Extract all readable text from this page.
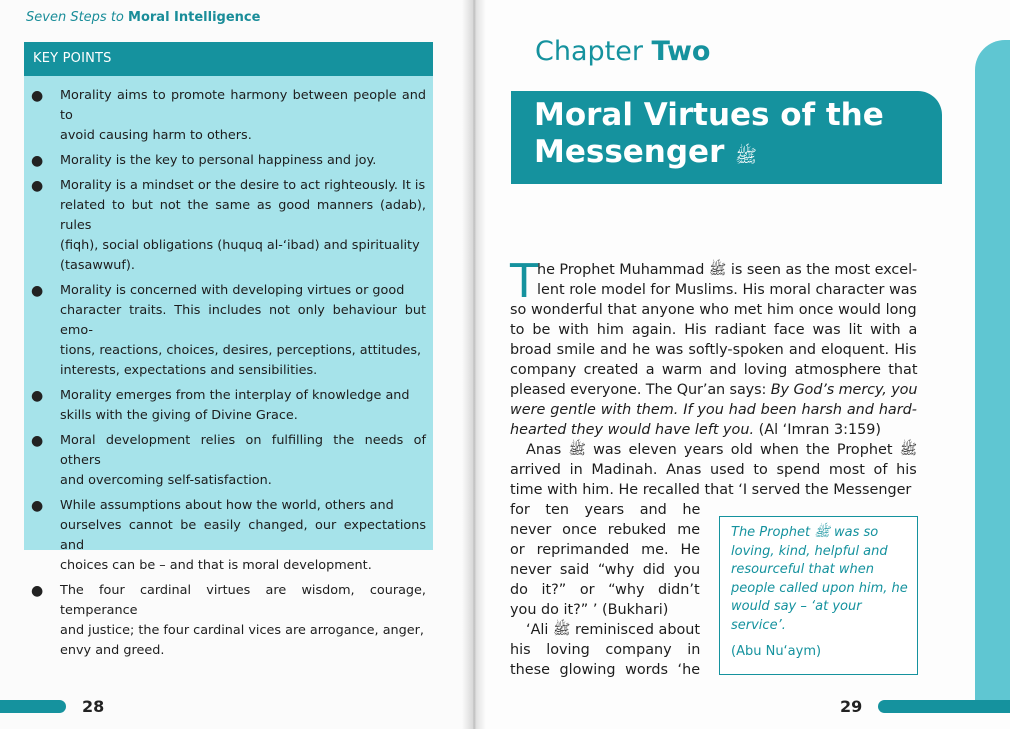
Seven Steps to Moral Intelligence
KEY POINTS
● Morality aims to promote harmony between people and to
avoid causing harm to others.
● Morality is the key to personal happiness and joy.
● Morality is a mindset or the desire to act righteously. It is
related to but not the same as good manners (adab), rules
(fiqh), social obligations (huquq al-‘ibad) and spirituality
(tasawwuf).
● Morality is concerned with developing virtues or good
character traits. This includes not only behaviour but emo-
tions, reactions, choices, desires, perceptions, attitudes,
interests, expectations and sensibilities.
● Morality emerges from the interplay of knowledge and
skills with the giving of Divine Grace.
● Moral development relies on fulfilling the needs of others
and overcoming self-satisfaction.
● While assumptions about how the world, others and
ourselves cannot be easily changed, our expectations and
choices can be – and that is moral development.
● The four cardinal virtues are wisdom, courage, temperance
and justice; the four cardinal vices are arrogance, anger,
envy and greed.
28
Chapter Two
Moral Virtues of the
Messenger ﷺ
T
he Prophet Muhammad ﷺ is seen as the most excel-
lent role model for Muslims. His moral character was
so wonderful that anyone who met him once would long
to be with him again. His radiant face was lit with a
broad smile and he was softly-spoken and eloquent. His
company created a warm and loving atmosphere that
pleased everyone. The Qur’an says: By God’s mercy, you
were gentle with them. If you had been harsh and hard-
hearted they would have left you. (Al ‘Imran 3:159)
Anas ﷺ was eleven years old when the Prophet ﷺ
arrived in Madinah. Anas used to spend most of his
time with him. He recalled that ‘I served the Messenger
for ten years and he
never once rebuked me
or reprimanded me. He
never said “why did you
do it?” or “why didn’t
you do it?” ’ (Bukhari)
‘Ali ﷺ reminisced about
his loving company in
these glowing words ‘he
The Prophet ﷺ was so loving, kind, helpful and resourceful that when people called upon him, he would say – ‘at your service’.
(Abu Nu‘aym)
29
